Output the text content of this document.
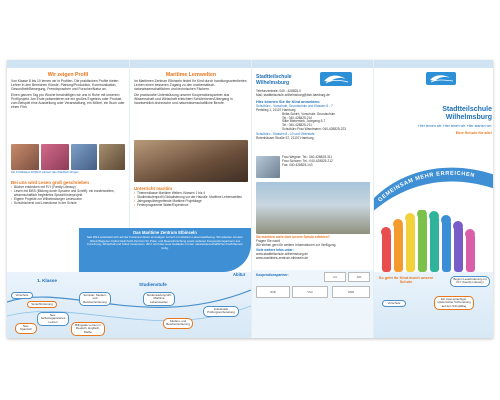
Wir zeigen Profil
Von Klasse 8 bis 10 lernen wir in Profilen. Die praktischen Profile bieten Lehrer in den Bereichen Künste, Planung/Produktion, Kommunikation, Gesundheit/Bewegung, Fremdsprachen und Forscher/Natur an.
Einen ganzen Tag pro Woche beschäftigen wir uns in Ruhe mit unserem Profilprojekt. Am Ende präsentieren wir ein großes Ergebnis oder Produkt, zum Beispiel eine Ausstellung oder Veranstaltung, ein Möbel, ein Buch oder einen Film.
Die Profilklasse DORFO trainiert das Wahlfach Dirigier
Bei uns wird Lesen groß geschrieben
• Bücher entdecken mit FLY (Family Literacy)
• Lesen mit BiSS (Bildung durch Sprache und Schrift): ein bundesweites, wissenschaftlich begleitetes Sprachförderprojekt
• Eigene Projekte zur Wilhelmsburger Lesewoche
• Schulbücherei und Leseräume in der Schule
Maritime Lernwelten
Im Maritimen Zentrum Elbinseln findet Ihr Kind durch handlungsorientiertes Lernen einen besseren Zugang zu den mathematisch-naturwissenschaftlichen und technischen Fächern.
Die praxisnahe Unterstützung unserer Kooperationspartner aus Wissenschaft und Wirtschaft erleichtert Schülerinnen/Übergang in handwerklich-technische und naturwissenschaftliche Berufe.
Unterricht maritim
• Themenklasse Maritime Welten, Klassen 1 bis 4
• Studienstufenprofil Globalisierung vor der Haustür: Maritime Lebenswelten
• Jahrgangsübergreifende Maritime Projekttage
• Ferienprogramme Water/Experience
Das Maritime Zentrum Elbinseln
Seit 2012 entwickelt sich auf der Fussinsel dieser einmaligen Lernort mit direktem Lebensweltbezug. Wir arbeiten mit dem Alfred-Wegener-Institut Helmholtz-Zentrum für Polar- und Meeresforschung sowie weiteren Kooperationspartnern aus Forschung, Wirtschaft und Kultur zusammen. 2017 wird das neue Gebäude mit den naturwissenschaftlichen Fachräumen fertig.
1. Klasse
Studienstufe
Abitur
Vorschule
Sprachförderung
Neu: Selbstorganisiertes Lernen
Neu: Spanisch
Seminar: Studien- und Berufsorientierung
Bilinguale Lernen in Deutsch, Englisch, Mathe
Studienstufenprofil: Maritime Lebenswelten
Studien- und Berufsorientierung
Individuelle Prüfungsvorbereitung
Stadtteilschule
Wilhelmsburg
Telefonzentrale: 040 - 428825-0
Mail: stadtteilschule-wilhelmsburg@bsb.hamburg.de
Hier können Sie Ihr Kind anmelden:
Schulbüro - Vorschule, Grundschule und Klassen 5 - 7
Perlstieg 1, 21107 Hamburg
Britta Schirrl, Vorschule, Grundschule
Tel.: 040-428825-210
Silke Biebersiek, Jahrgang 5-7
Tel.: 040-428825-211
Schulbüro Frau Wandmann: 040-428825-223
Schulbüro - Klassen 8 - 10 und Oberstufe
Rotenhäuser Straße 67, 21107 Hamburg
Frau Wegner: Tel.: 040-428825-311
Frau Sichone: Tel.: 040-428825-212
Fax: 040-428825-143
Sie möchten mehr über unsere Schule erfahren?
Fragen Sie nach!
Wir stehen gern für weitere Informationen zur Verfügung.
Viele weitere Infos unter:
www.stadtteilschule-wilhelmsburg.de
www.maritimes-zentrum-elbinseln.de
Kooperationspartner:	Uni	AWI
BSB	VSH	WEB
Stadtteilschule
Wilhelmsburg
Hier lernen wir. Hier leben wir. Hier starten wir.
Eine Schule für alle!
GEMEINSAM MEHR ERREICHEN
So geht Ihr Kind durch unsere Schule
Beginn Leseförderung mit FLY (Family Literacy)
Ein zwei-sprachiger, spielerischer Vorbereitung auf den Schulalltag
Vorschule
